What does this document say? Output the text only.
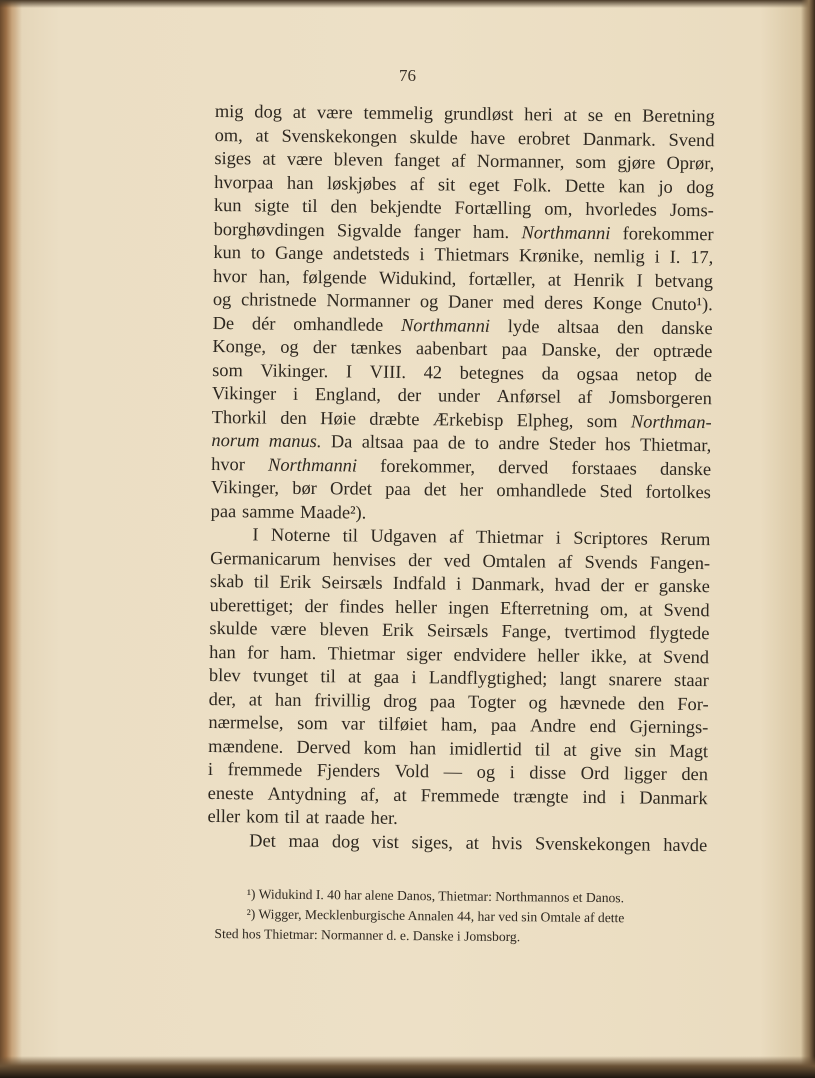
76
mig dog at være temmelig grundløst heri at se en Beretning
om, at Svenskekongen skulde have erobret Danmark. Svend
siges at være bleven fanget af Normanner, som gjøre Oprør,
hvorpaa han løskjøbes af sit eget Folk. Dette kan jo dog
kun sigte til den bekjendte Fortælling om, hvorledes Joms-
borghøvdingen Sigvalde fanger ham. Northmanni forekommer
kun to Gange andetsteds i Thietmars Krønike, nemlig i I. 17,
hvor han, følgende Widukind, fortæller, at Henrik I betvang
og christnede Normanner og Daner med deres Konge Cnuto¹).
De dér omhandlede Northmanni lyde altsaa den danske
Konge, og der tænkes aabenbart paa Danske, der optræde
som Vikinger. I VIII. 42 betegnes da ogsaa netop de
Vikinger i England, der under Anførsel af Jomsborgeren
Thorkil den Høie dræbte Ærkebisp Elpheg, som Northman-
norum manus. Da altsaa paa de to andre Steder hos Thietmar,
hvor Northmanni forekommer, derved forstaaes danske
Vikinger, bør Ordet paa det her omhandlede Sted fortolkes
paa samme Maade²).
I Noterne til Udgaven af Thietmar i Scriptores Rerum
Germanicarum henvises der ved Omtalen af Svends Fangen-
skab til Erik Seirsæls Indfald i Danmark, hvad der er ganske
uberettiget; der findes heller ingen Efterretning om, at Svend
skulde være bleven Erik Seirsæls Fange, tvertimod flygtede
han for ham. Thietmar siger endvidere heller ikke, at Svend
blev tvunget til at gaa i Landflygtighed; langt snarere staar
der, at han frivillig drog paa Togter og hævnede den For-
nærmelse, som var tilføiet ham, paa Andre end Gjernings-
mændene. Derved kom han imidlertid til at give sin Magt
i fremmede Fjenders Vold — og i disse Ord ligger den
eneste Antydning af, at Fremmede trængte ind i Danmark
eller kom til at raade her.
Det maa dog vist siges, at hvis Svenskekongen havde
¹) Widukind I. 40 har alene Danos, Thietmar: Northmannos et Danos.
²) Wigger, Mecklenburgische Annalen 44, har ved sin Omtale af dette
Sted hos Thietmar: Normanner d. e. Danske i Jomsborg.
